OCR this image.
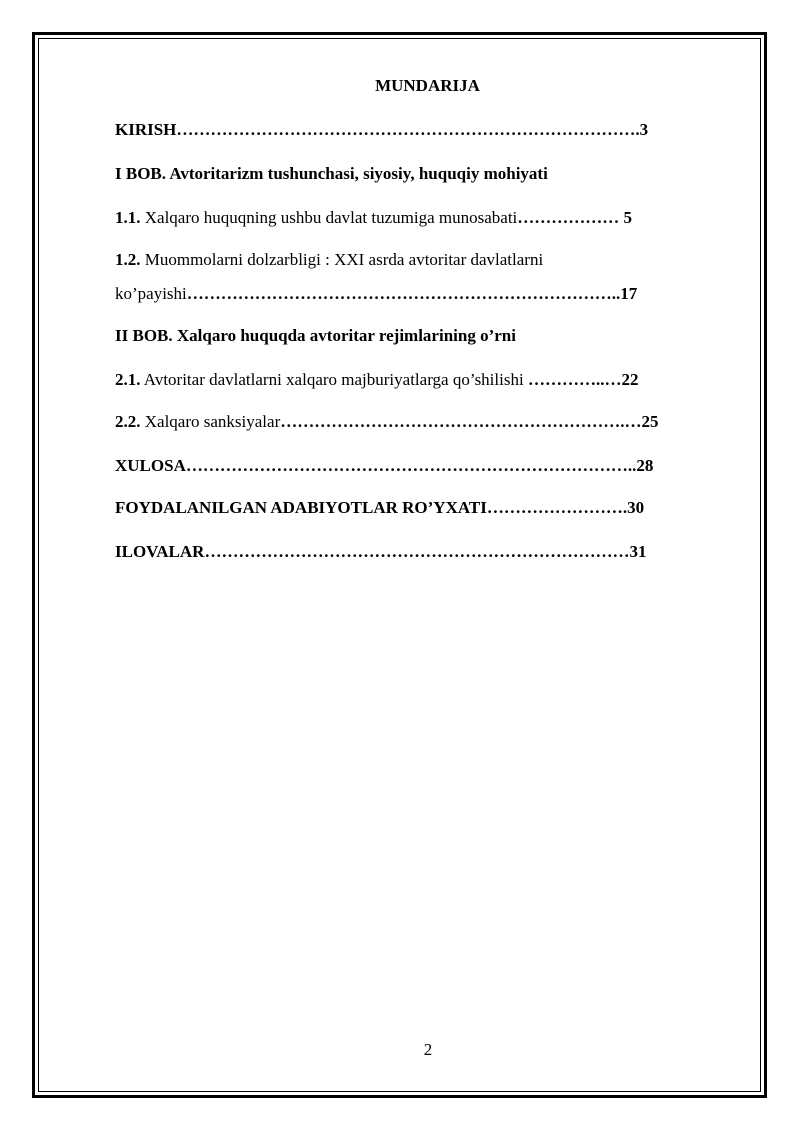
MUNDARIJA
KIRISH……………………………………………………………………….3
I BOB. Avtoritarizm tushunchasi, siyosiy, huquqiy mohiyati
1.1. Xalqaro huquqning ushbu davlat tuzumiga munosabati……………… 5
1.2. Muommolarni dolzarbligi : XXI asrda avtoritar davlatlarni
ko’payishi…………………………………………………………………..17
II BOB. Xalqaro huquqda avtoritar rejimlarining o’rni
2.1. Avtoritar davlatlarni xalqaro majburiyatlarga qo’shilishi …………..…22
2.2. Xalqaro sanksiyalar…………………………………………………….…25
XULOSA……………………………………………………………………..28
FOYDALANILGAN ADABIYOTLAR RO’YXATI…………………….30
ILOVALAR…………………………………………………………………31
2
